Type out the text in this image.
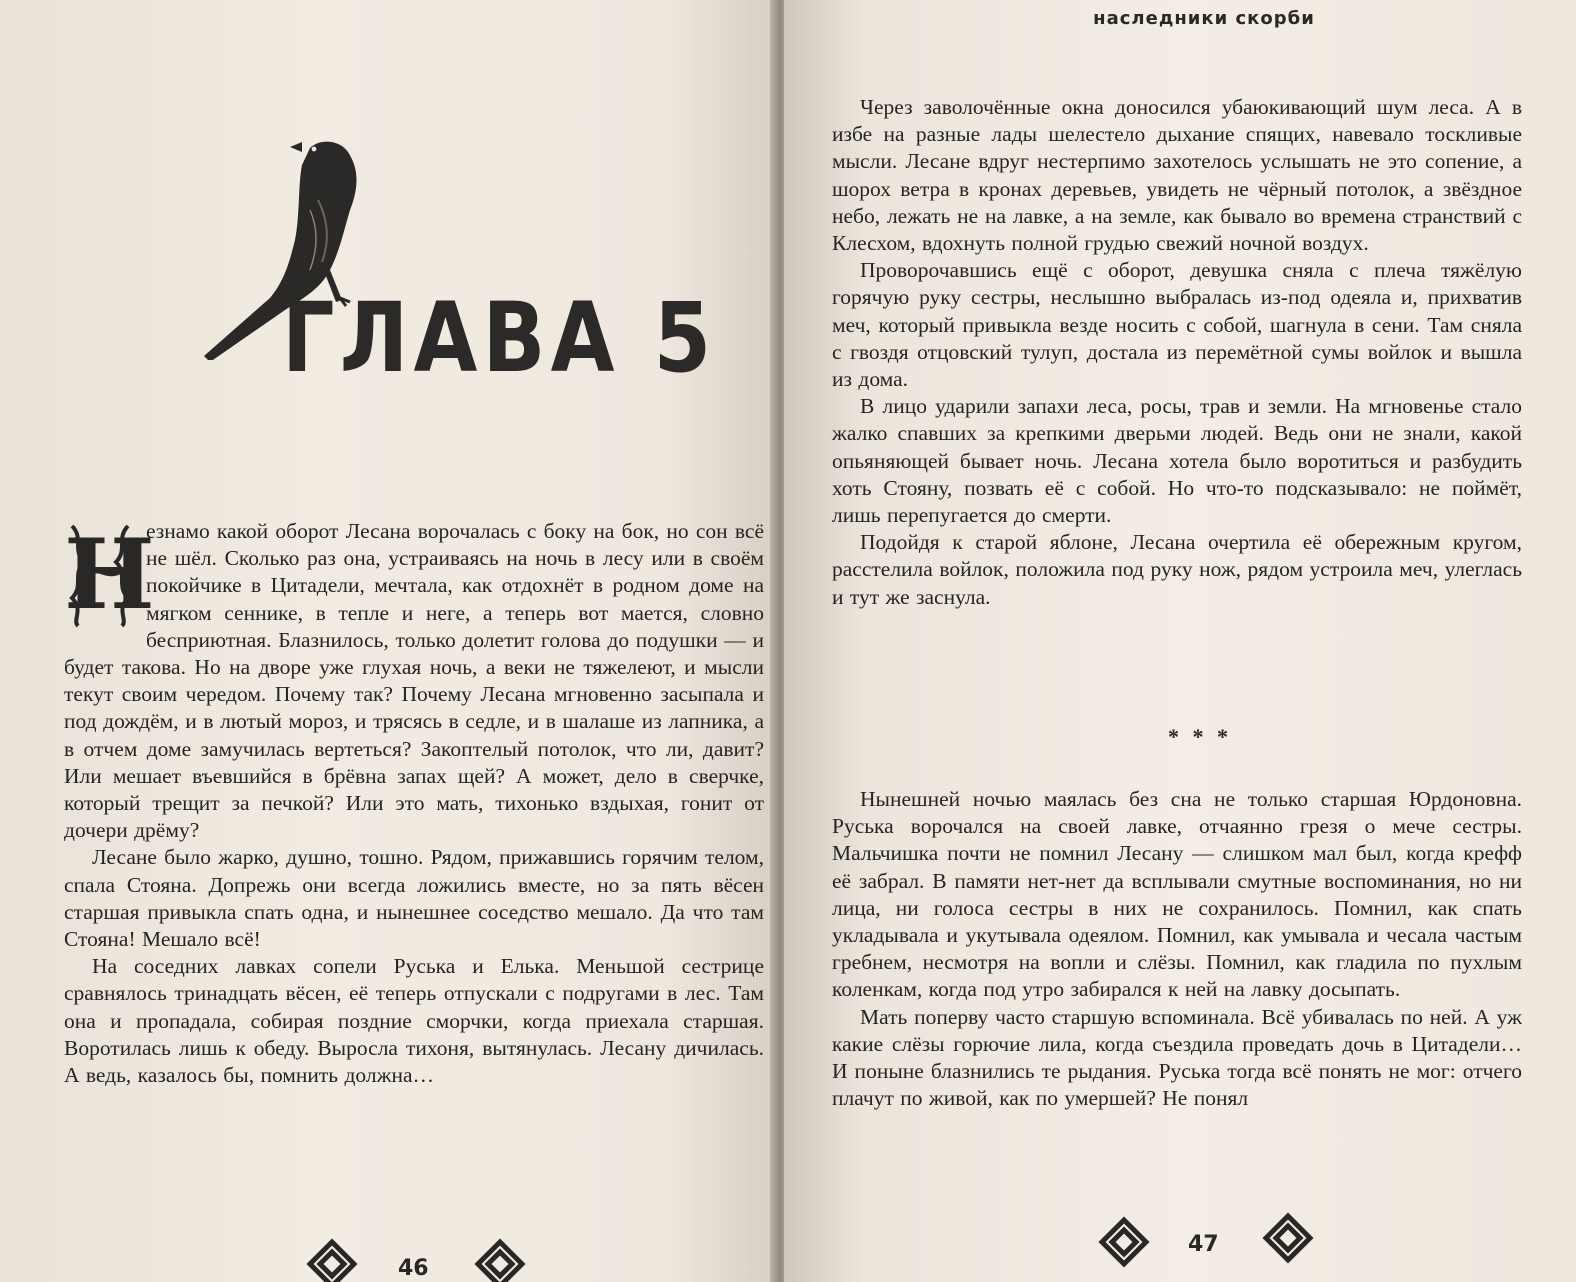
ГЛАВА 5

Н
езнамо какой оборот Лесана ворочалась с боку на бок, но сон всё не шёл. Сколько раз она, устраиваясь на ночь в лесу или в своём покойчике в Цитадели, мечтала, как отдохнёт в родном доме на мягком сеннике, в тепле и неге, а теперь вот мается, словно бесприютная. Блазнилось, только долетит голова до подушки — и будет такова. Но на дворе уже глухая ночь, а веки не тяжелеют, и мысли текут своим чередом. Почему так? Почему Лесана мгновенно засыпала и под дождём, и в лютый мороз, и трясясь в седле, и в шалаше из лапника, а в отчем доме замучилась вертеться? Закоптелый потолок, что ли, давит? Или мешает въевшийся в брёвна запах щей? А может, дело в сверчке, который трещит за печкой? Или это мать, тихонько вздыхая, гонит от дочери дрёму?

Лесане было жарко, душно, тошно. Рядом, прижавшись горячим телом, спала Стояна. Допрежь они всегда ложились вместе, но за пять вёсен старшая привыкла спать одна, и нынешнее соседство мешало. Да что там Стояна! Мешало всё!

На соседних лавках сопели Руська и Елька. Меньшой сестрице сравнялось тринадцать вёсен, её теперь отпускали с подругами в лес. Там она и пропадала, собирая поздние сморчки, когда приехала старшая. Воротилась лишь к обеду. Выросла тихоня, вытянулась. Лесану дичилась. А ведь, казалось бы, помнить должна…

46
наследники скорби

Через заволочённые окна доносился убаюкивающий шум леса. А в избе на разные лады шелестело дыхание спящих, навевало тоскливые мысли. Лесане вдруг нестерпимо захотелось услышать не это сопение, а шорох ветра в кронах деревьев, увидеть не чёрный потолок, а звёздное небо, лежать не на лавке, а на земле, как бывало во времена странствий с Клесхом, вдохнуть полной грудью свежий ночной воздух.

Проворочавшись ещё с оборот, девушка сняла с плеча тяжёлую горячую руку сестры, неслышно выбралась из-под одеяла и, прихватив меч, который привыкла везде носить с собой, шагнула в сени. Там сняла с гвоздя отцовский тулуп, достала из перемётной сумы войлок и вышла из дома.

В лицо ударили запахи леса, росы, трав и земли. На мгновенье стало жалко спавших за крепкими дверьми людей. Ведь они не знали, какой опьяняющей бывает ночь. Лесана хотела было воротиться и разбудить хоть Стояну, позвать её с собой. Но что-то подсказывало: не поймёт, лишь перепугается до смерти.

Подойдя к старой яблоне, Лесана очертила её обережным кругом, расстелила войлок, положила под руку нож, рядом устроила меч, улеглась и тут же заснула.

* * *

Нынешней ночью маялась без сна не только старшая Юрдоновна. Руська ворочался на своей лавке, отчаянно грезя о мече сестры. Мальчишка почти не помнил Лесану — слишком мал был, когда крефф её забрал. В памяти нет-нет да всплывали смутные воспоминания, но ни лица, ни голоса сестры в них не сохранилось. Помнил, как спать укладывала и укутывала одеялом. Помнил, как умывала и чесала частым гребнем, несмотря на вопли и слёзы. Помнил, как гладила по пухлым коленкам, когда под утро забирался к ней на лавку досыпать.

Мать поперву часто старшую вспоминала. Всё убивалась по ней. А уж какие слёзы горючие лила, когда съездила проведать дочь в Цитадели… И поныне блазнились те рыдания. Руська тогда всё понять не мог: отчего плачут по живой, как по умершей? Не понял

47
